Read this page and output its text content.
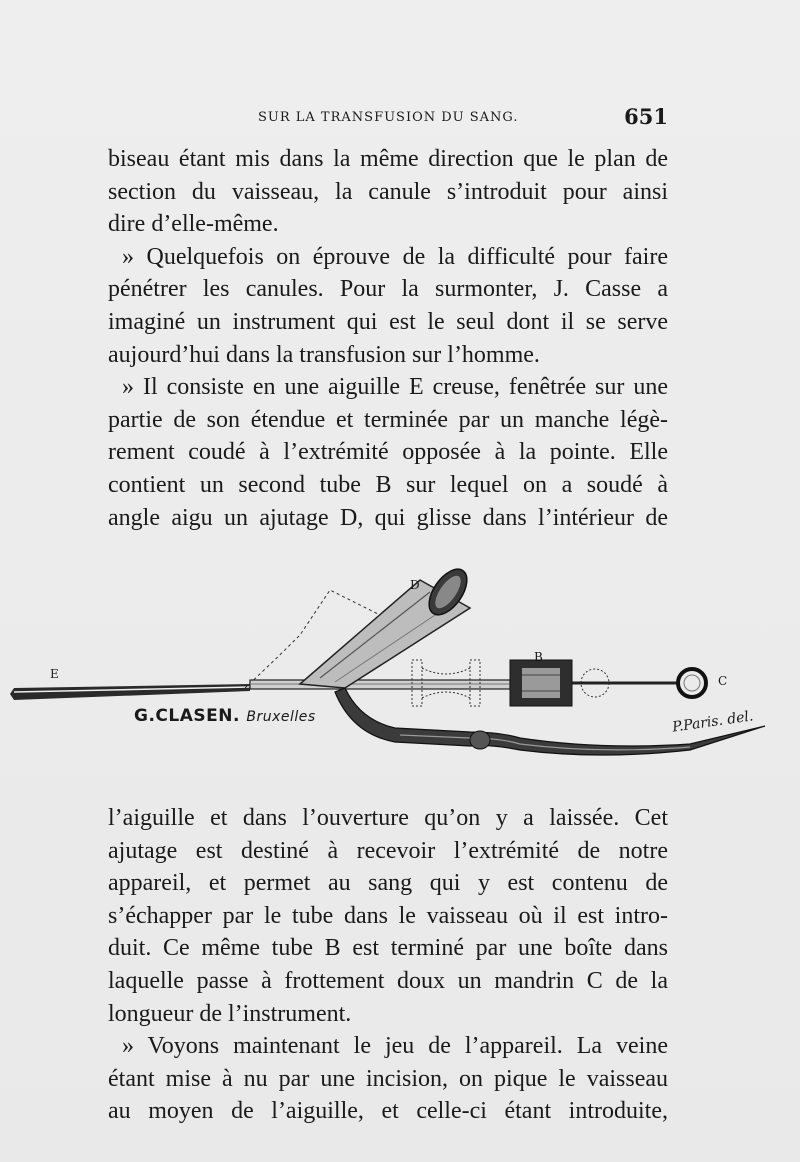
SUR LA TRANSFUSION DU SANG.	651
biseau étant mis dans la même direction que le plan de
section du vaisseau, la canule s’introduit pour ainsi
dire d’elle-même.
» Quelquefois on éprouve de la difficulté pour faire
pénétrer les canules. Pour la surmonter, J. Casse a
imaginé un instrument qui est le seul dont il se serve
aujourd’hui dans la transfusion sur l’homme.
» Il consiste en une aiguille E creuse, fenêtrée sur une
partie de son étendue et terminée par un manche légè-
rement coudé à l’extrémité opposée à la pointe. Elle
contient un second tube B sur lequel on a soudé à
angle aigu un ajutage D, qui glisse dans l’intérieur de
E
D
B
C
G.CLASEN. Bruxelles	P.Paris. del.
l’aiguille et dans l’ouverture qu’on y a laissée. Cet
ajutage est destiné à recevoir l’extrémité de notre
appareil, et permet au sang qui y est contenu de
s’échapper par le tube dans le vaisseau où il est intro-
duit. Ce même tube B est terminé par une boîte dans
laquelle passe à frottement doux un mandrin C de la
longueur de l’instrument.
» Voyons maintenant le jeu de l’appareil. La veine
étant mise à nu par une incision, on pique le vaisseau
au moyen de l’aiguille, et celle-ci étant introduite,
